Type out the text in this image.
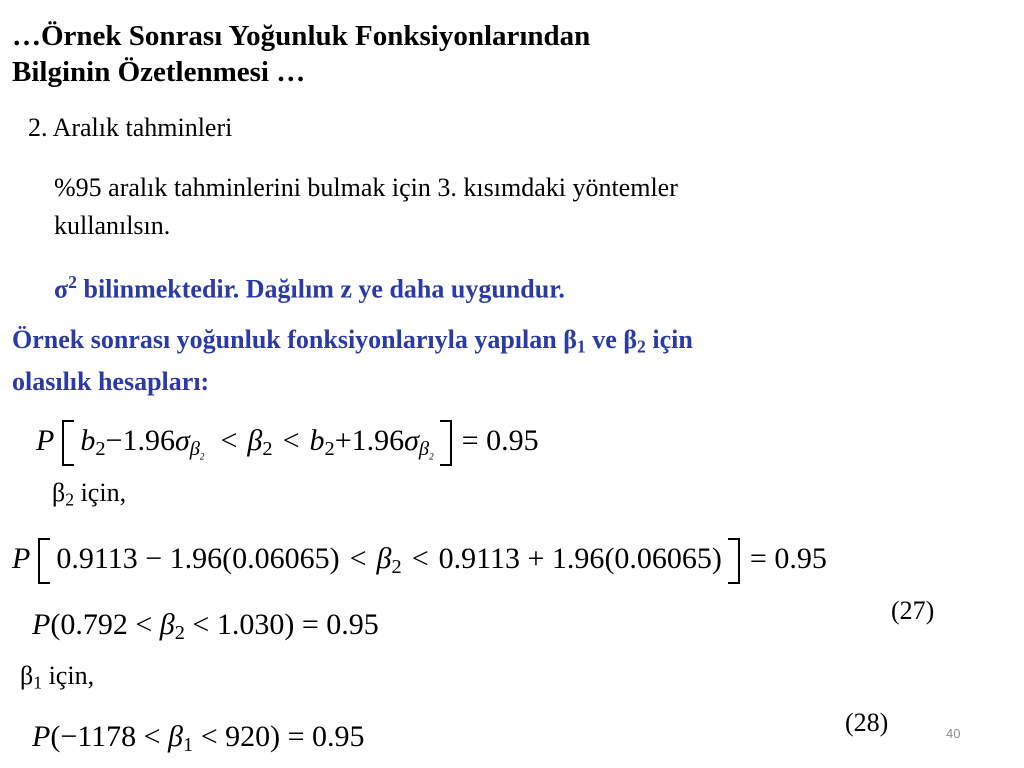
…Örnek Sonrası Yoğunluk Fonksiyonlarından
Bilginin Özetlenmesi …
2. Aralık tahminleri
%95 aralık tahminlerini bulmak için 3. kısımdaki yöntemler
kullanılsın.
$\sigma^2$ bilinmektedir. Dağılım z ye daha uygundur.
Örnek sonrası yoğunluk fonksiyonlarıyla yapılan $\beta_1$ ve $\beta_2$ için
olasılık hesapları:
P $b_2-1.96\sigma_{\beta_2} < \beta_2 < b_2+1.96\sigma_{\beta_2} = 0.95$
$\beta_2$ için,
P $0.9113 - 1.96(0.06065) < \beta_2 < 0.9113 + 1.96(0.06065) = 0.95$
$P(0.792 < \beta_2 < 1.030) = 0.95$	(27)
$\beta_1$ için,
$P(-1178 < \beta_1 < 920) = 0.95$	(28)	40
